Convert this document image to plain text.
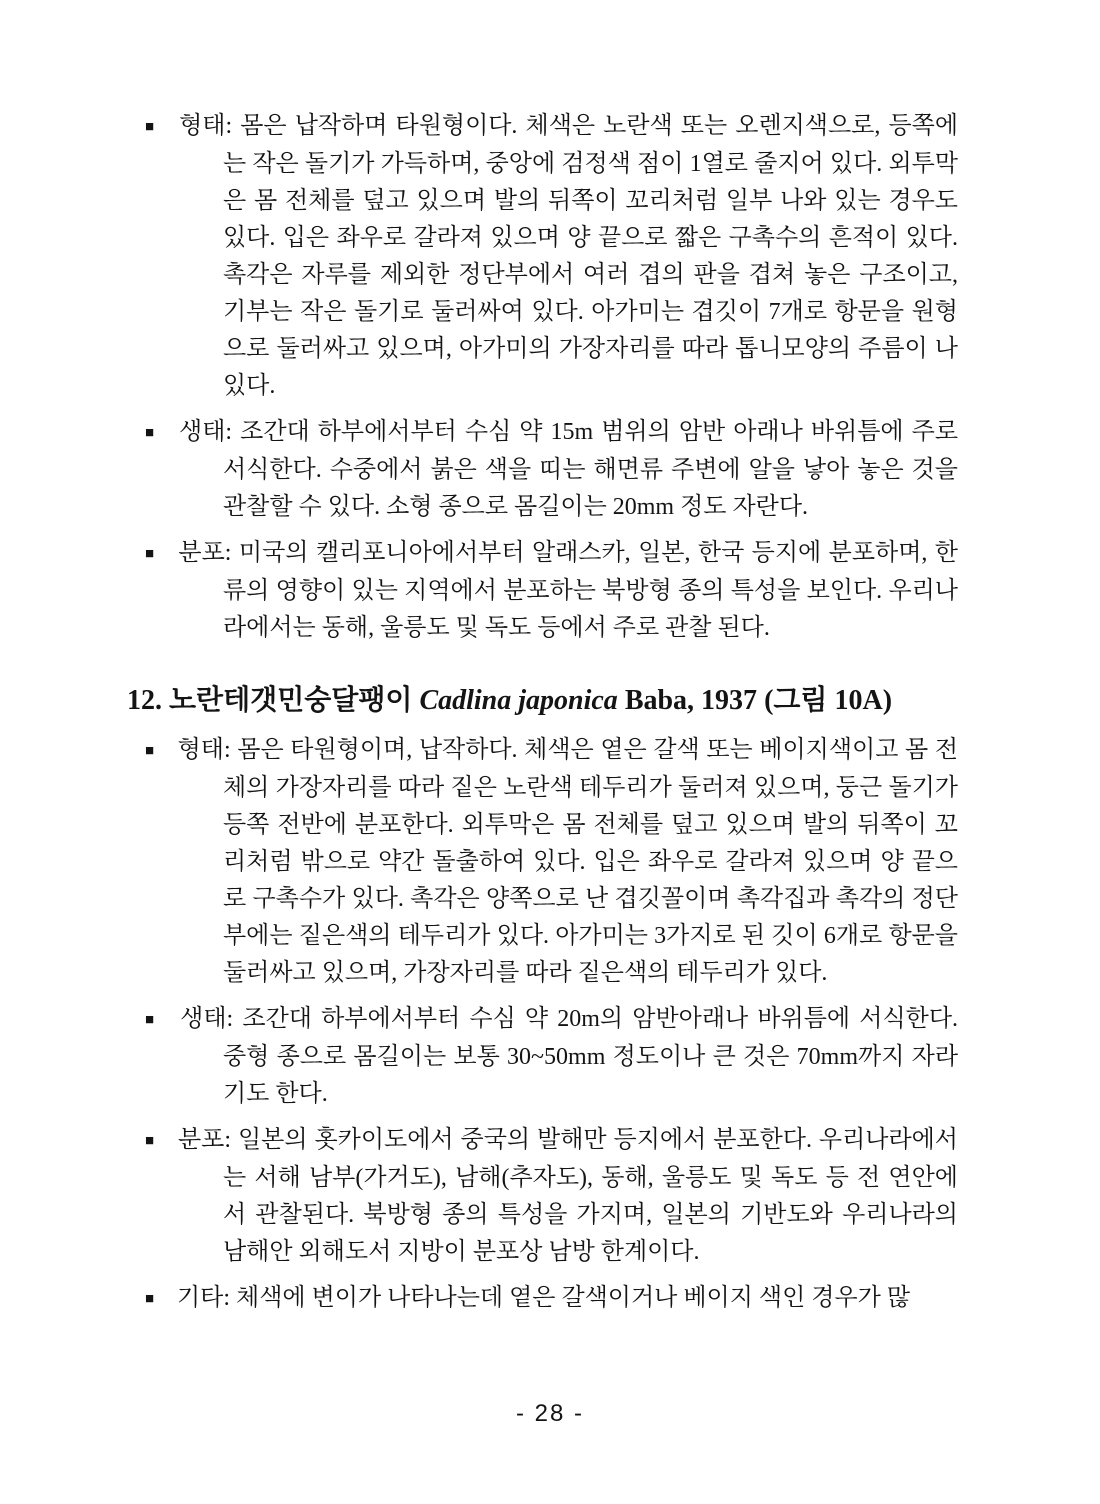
■ 형태: 몸은 납작하며 타원형이다. 체색은 노란색 또는 오렌지색으로, 등쪽에는 작은 돌기가 가득하며, 중앙에 검정색 점이 1열로 줄지어 있다. 외투막은 몸 전체를 덮고 있으며 발의 뒤쪽이 꼬리처럼 일부 나와 있는 경우도 있다. 입은 좌우로 갈라져 있으며 양 끝으로 짧은 구촉수의 흔적이 있다. 촉각은 자루를 제외한 정단부에서 여러 겹의 판을 겹쳐 놓은 구조이고, 기부는 작은 돌기로 둘러싸여 있다. 아가미는 겹깃이 7개로 항문을 원형으로 둘러싸고 있으며, 아가미의 가장자리를 따라 톱니모양의 주름이 나 있다.
■ 생태: 조간대 하부에서부터 수심 약 15m 범위의 암반 아래나 바위틈에 주로 서식한다. 수중에서 붉은 색을 띠는 해면류 주변에 알을 낳아 놓은 것을 관찰할 수 있다. 소형 종으로 몸길이는 20mm 정도 자란다.
■ 분포: 미국의 캘리포니아에서부터 알래스카, 일본, 한국 등지에 분포하며, 한류의 영향이 있는 지역에서 분포하는 북방형 종의 특성을 보인다. 우리나라에서는 동해, 울릉도 및 독도 등에서 주로 관찰 된다.
12. 노란테갯민숭달팽이 Cadlina japonica Baba, 1937 (그림 10A)
■ 형태: 몸은 타원형이며, 납작하다. 체색은 옅은 갈색 또는 베이지색이고 몸 전체의 가장자리를 따라 짙은 노란색 테두리가 둘러져 있으며, 둥근 돌기가 등쪽 전반에 분포한다. 외투막은 몸 전체를 덮고 있으며 발의 뒤쪽이 꼬리처럼 밖으로 약간 돌출하여 있다. 입은 좌우로 갈라져 있으며 양 끝으로 구촉수가 있다. 촉각은 양쪽으로 난 겹깃꼴이며 촉각집과 촉각의 정단부에는 짙은색의 테두리가 있다. 아가미는 3가지로 된 깃이 6개로 항문을 둘러싸고 있으며, 가장자리를 따라 짙은색의 테두리가 있다.
■ 생태: 조간대 하부에서부터 수심 약 20m의 암반아래나 바위틈에 서식한다. 중형 종으로 몸길이는 보통 30~50mm 정도이나 큰 것은 70mm까지 자라기도 한다.
■ 분포: 일본의 홋카이도에서 중국의 발해만 등지에서 분포한다. 우리나라에서는 서해 남부(가거도), 남해(추자도), 동해, 울릉도 및 독도 등 전 연안에서 관찰된다. 북방형 종의 특성을 가지며, 일본의 기반도와 우리나라의 남해안 외해도서 지방이 분포상 남방 한계이다.
■ 기타: 체색에 변이가 나타나는데 옅은 갈색이거나 베이지 색인 경우가 많
- 28 -
